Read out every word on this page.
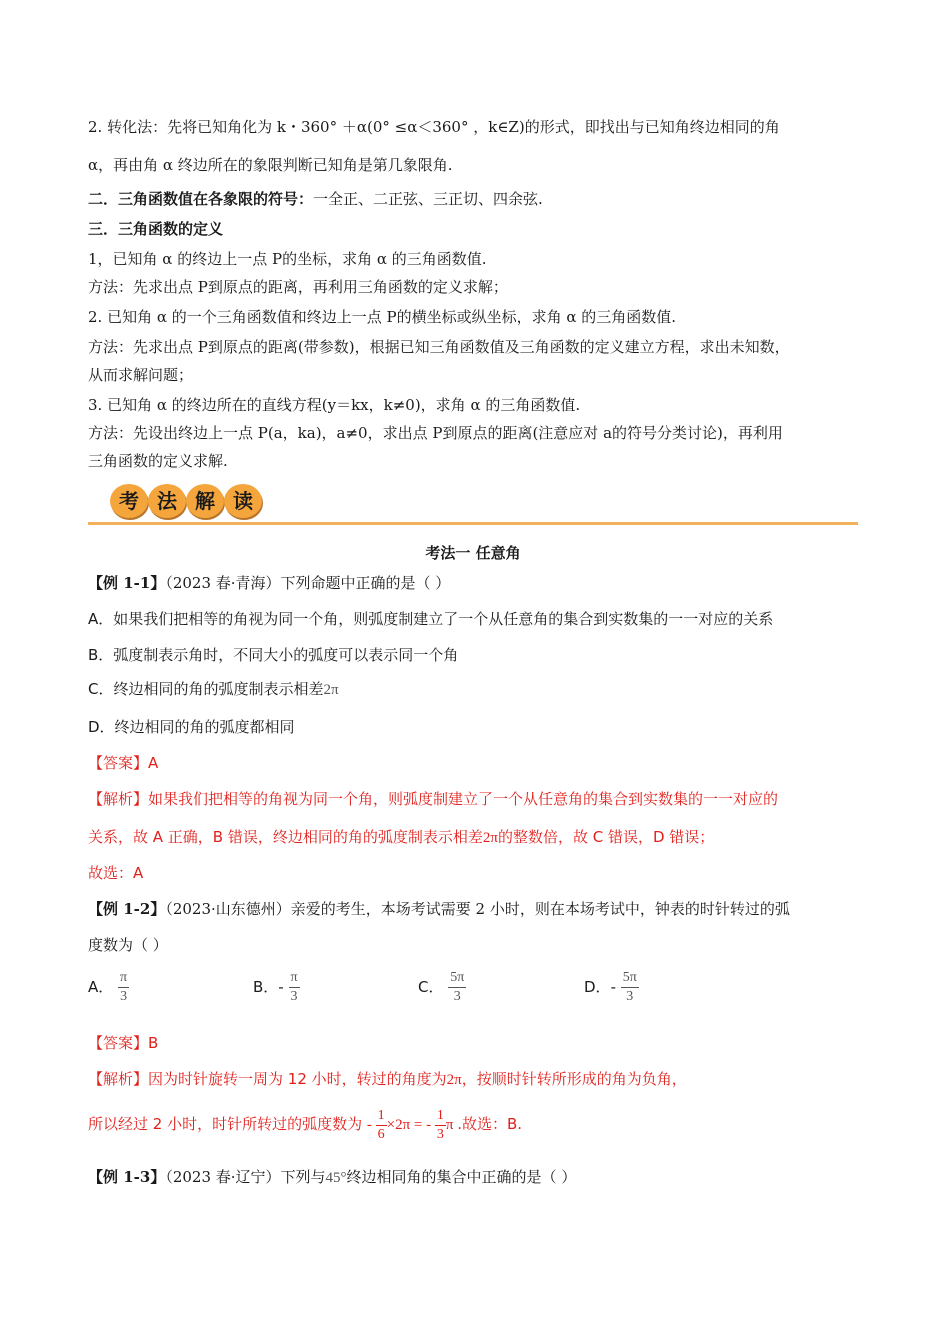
2. 转化法：先将已知角化为 k・360° ＋α(0° ≤α＜360° ，k∈Z)的形式，即找出与已知角终边相同的角
α，再由角 α 终边所在的象限判断已知角是第几象限角.
二．三角函数值在各象限的符号：一全正、二正弦、三正切、四余弦.
三．三角函数的定义
1，已知角 α 的终边上一点 P的坐标，求角 α 的三角函数值.
方法：先求出点 P到原点的距离，再利用三角函数的定义求解；
2. 已知角 α 的一个三角函数值和终边上一点 P的横坐标或纵坐标，求角 α 的三角函数值.
方法：先求出点 P到原点的距离(带参数)，根据已知三角函数值及三角函数的定义建立方程，求出未知数，
从而求解问题；
3. 已知角 α 的终边所在的直线方程(y＝kx，k≠0)，求角 α 的三角函数值.
方法：先设出终边上一点 P(a，ka)，a≠0，求出点 P到原点的距离(注意应对 a的符号分类讨论)，再利用
三角函数的定义求解.
考 法 解 读
考法一 任意角
【例 1-1】（2023 春·青海）下列命题中正确的是（ ）
A．如果我们把相等的角视为同一个角，则弧度制建立了一个从任意角的集合到实数集的一一对应的关系
B．弧度制表示角时，不同大小的弧度可以表示同一个角
C．终边相同的角的弧度制表示相差2π
D．终边相同的角的弧度都相同
【答案】A
【解析】如果我们把相等的角视为同一个角，则弧度制建立了一个从任意角的集合到实数集的一一对应的
关系，故 A 正确，B 错误，终边相同的角的弧度制表示相差2π的整数倍，故 C 错误，D 错误；
故选：A
【例 1-2】（2023·山东德州）亲爱的考生，本场考试需要 2 小时，则在本场考试中，钟表的时针转过的弧
度数为（ ）
A． $\frac{\pi}{3}$	B．- $\frac{\pi}{3}$	C． $\frac{5\pi}{3}$	D．- $\frac{5\pi}{3}$
【答案】B
【解析】因为时针旋转一周为 12 小时，转过的角度为2π，按顺时针转所形成的角为负角，
所以经过 2 小时，时针所转过的弧度数为 - $\frac{1}{6} \times 2\pi$ = - $\frac{1}{3}$ π .故选：B.
【例 1-3】（2023 春·辽宁）下列与45°终边相同角的集合中正确的是（ ）
